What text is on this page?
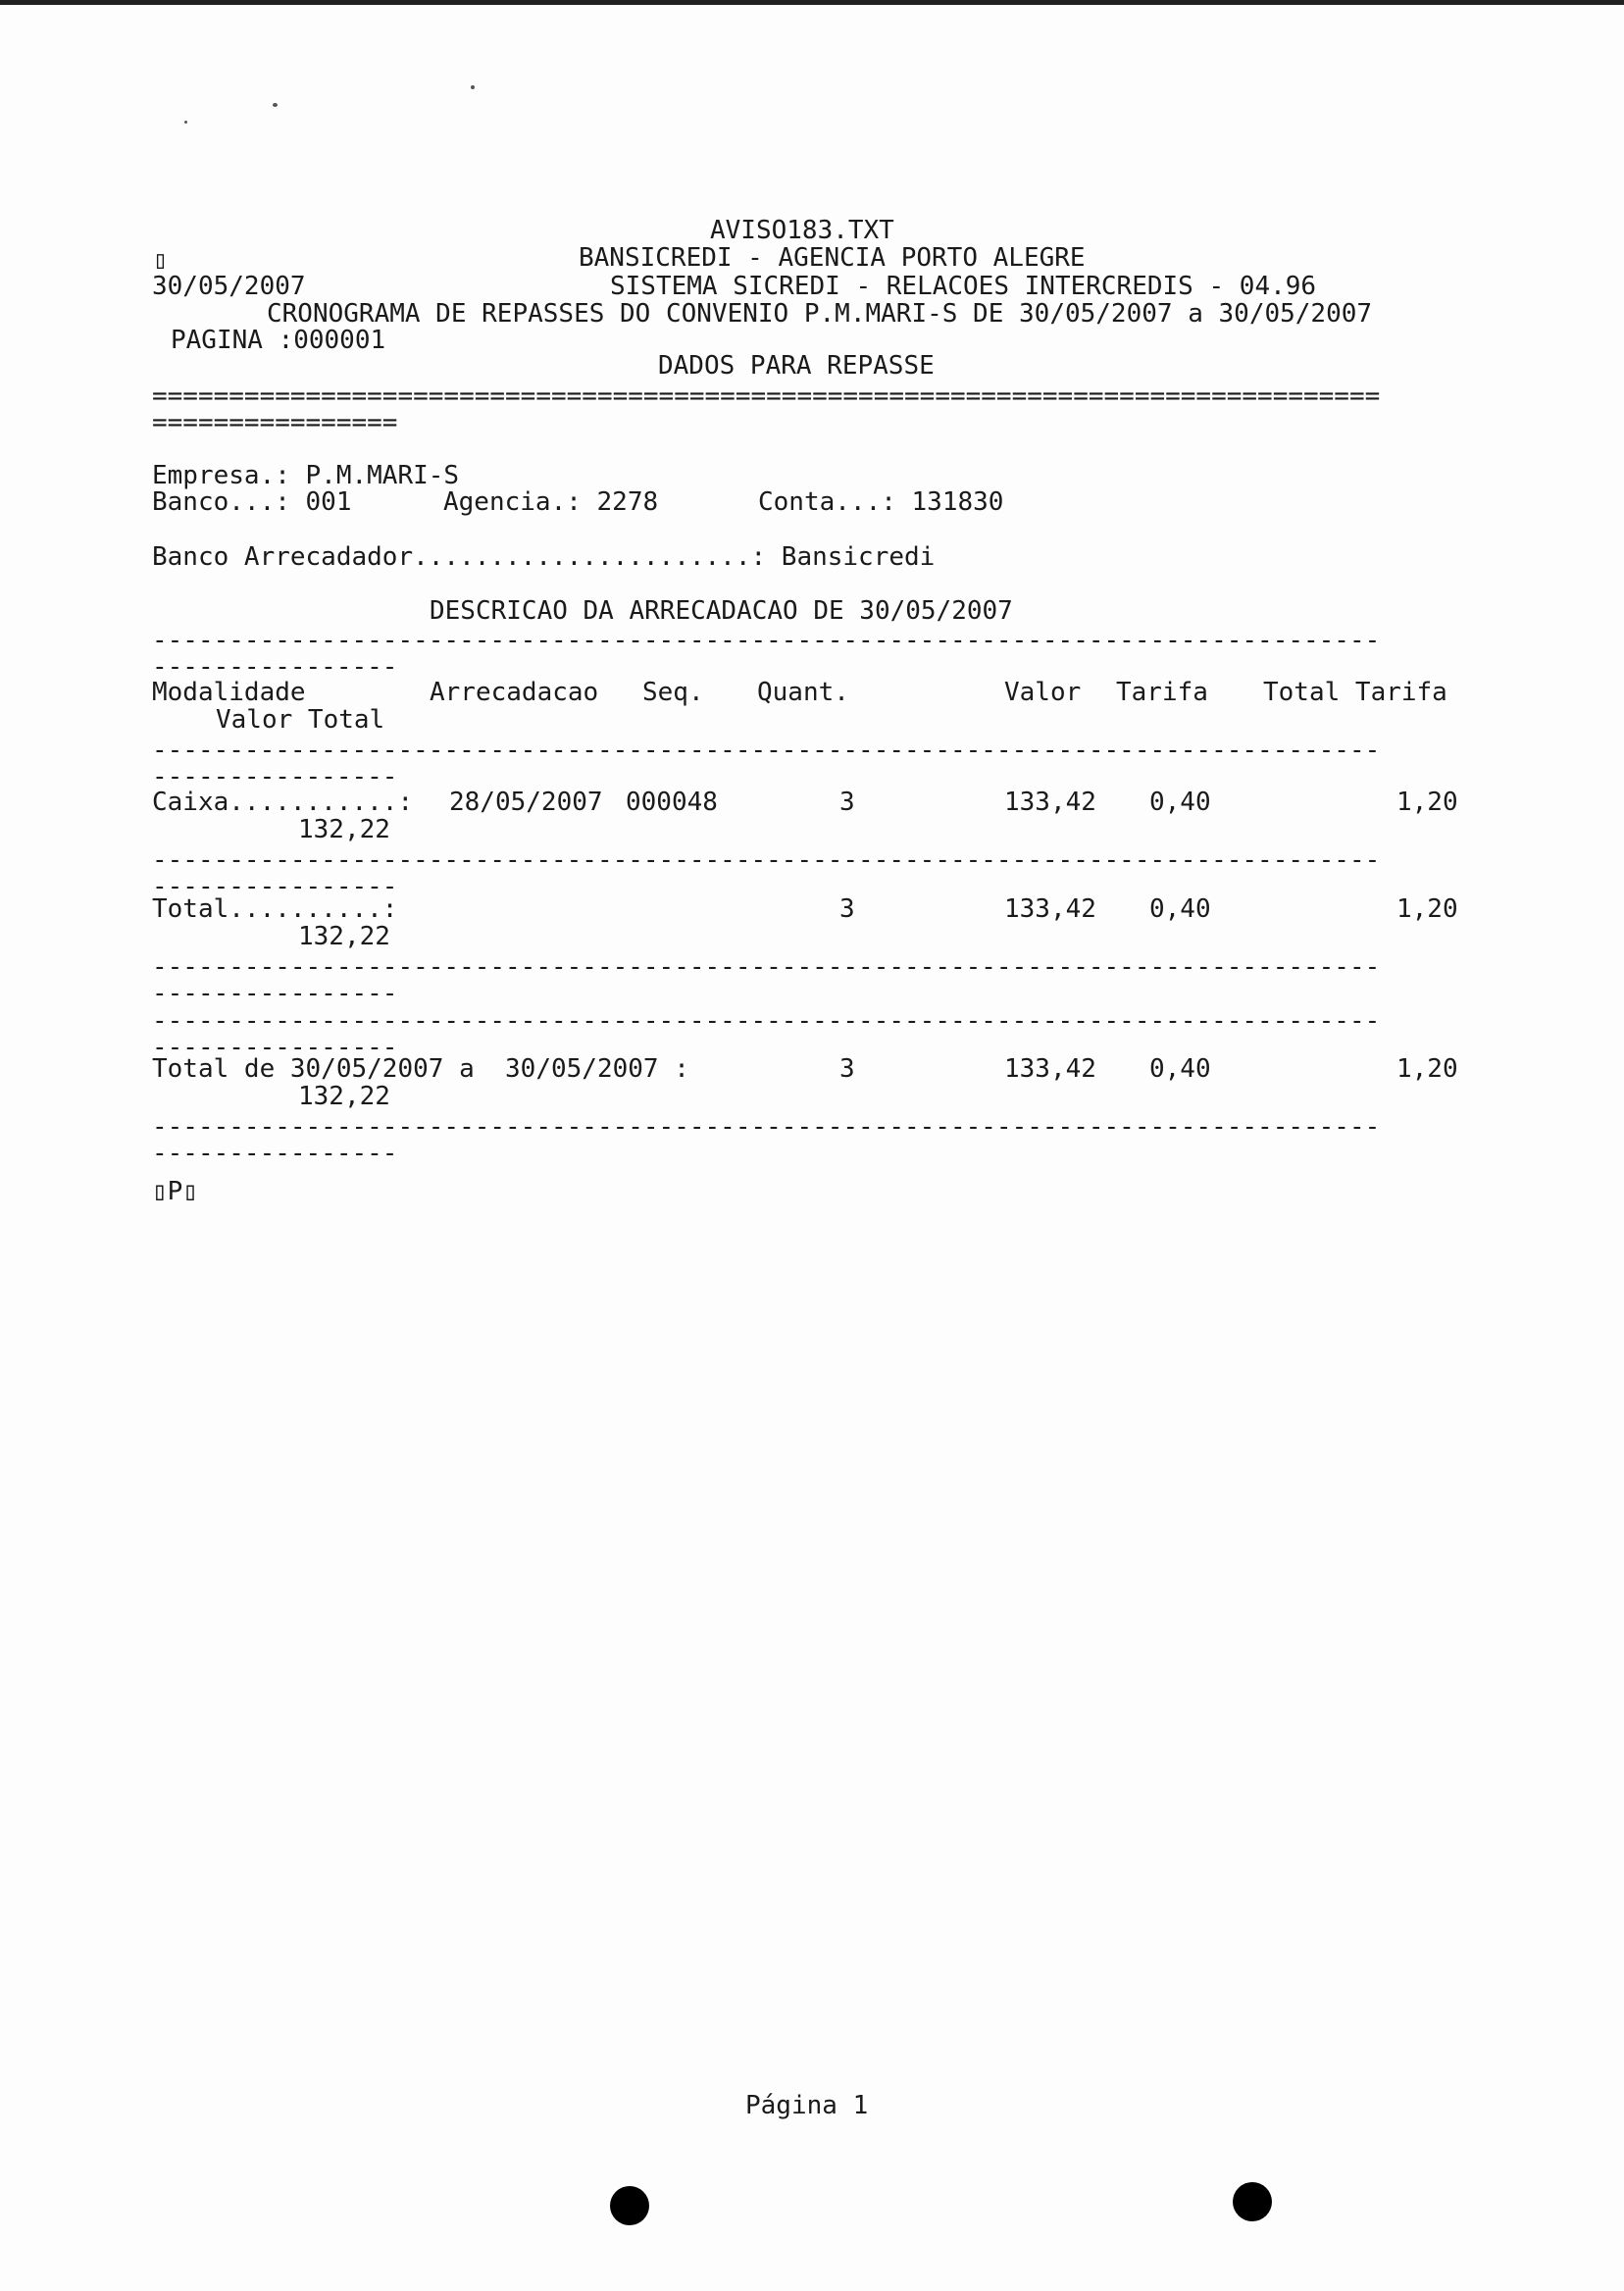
AVISO183.TXT
▯	BANSICREDI - AGENCIA PORTO ALEGRE
30/05/2007	SISTEMA SICREDI - RELACOES INTERCREDIS - 04.96
CRONOGRAMA DE REPASSES DO CONVENIO P.M.MARI-S DE 30/05/2007 a 30/05/2007
PAGINA :000001
DADOS PARA REPASSE
================================================================================
================
Empresa.: P.M.MARI-S
Banco...: 001	Agencia.: 2278	Conta...: 131830
Banco Arrecadador......................: Bansicredi
DESCRICAO DA ARRECADACAO DE 30/05/2007
--------------------------------------------------------------------------------
----------------
Modalidade	Arrecadacao Seq. Quant.	Valor Tarifa Total Tarifa
Valor Total
--------------------------------------------------------------------------------
----------------
Caixa...........: 28/05/2007 000048	3	133,42 0,40	1,20
132,22
--------------------------------------------------------------------------------
----------------
Total..........:	3	133,42 0,40	1,20
132,22
--------------------------------------------------------------------------------
----------------
--------------------------------------------------------------------------------
----------------
Total de 30/05/2007 a  30/05/2007 :	3	133,42 0,40	1,20
132,22
--------------------------------------------------------------------------------
----------------
▯P▯
Página 1
